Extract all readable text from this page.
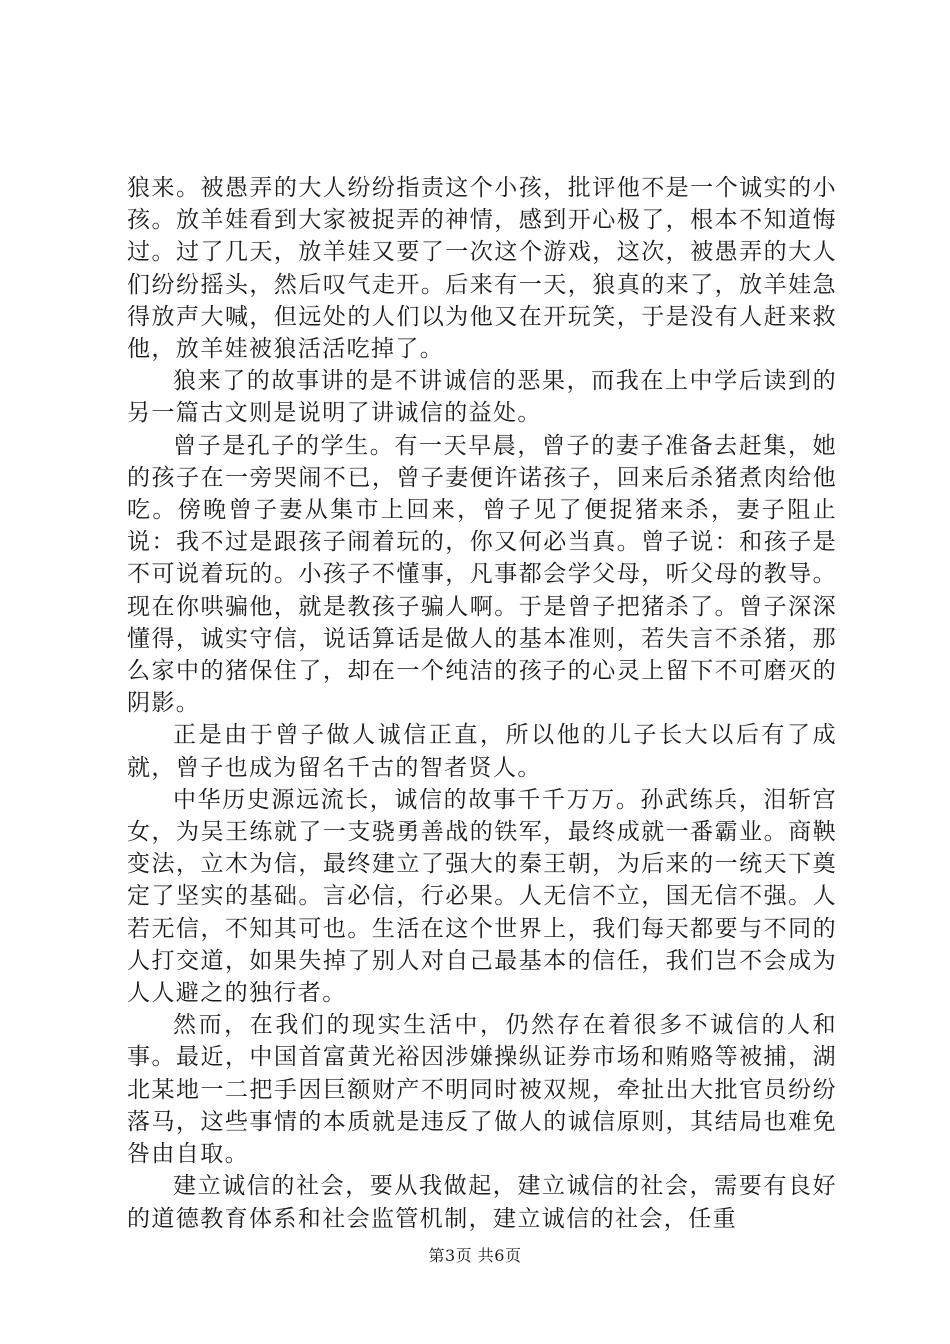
狼来。被愚弄的大人纷纷指责这个小孩，批评他不是一个诚实的小孩。放羊娃看到大家被捉弄的神情，感到开心极了，根本不知道悔过。过了几天，放羊娃又要了一次这个游戏，这次，被愚弄的大人们纷纷摇头，然后叹气走开。后来有一天，狼真的来了，放羊娃急得放声大喊，但远处的人们以为他又在开玩笑，于是没有人赶来救他，放羊娃被狼活活吃掉了。

狼来了的故事讲的是不讲诚信的恶果，而我在上中学后读到的另一篇古文则是说明了讲诚信的益处。

曾子是孔子的学生。有一天早晨，曾子的妻子准备去赶集，她的孩子在一旁哭闹不已，曾子妻便许诺孩子，回来后杀猪煮肉给他吃。傍晚曾子妻从集市上回来，曾子见了便捉猪来杀，妻子阻止说：我不过是跟孩子闹着玩的，你又何必当真。曾子说：和孩子是不可说着玩的。小孩子不懂事，凡事都会学父母，听父母的教导。现在你哄骗他，就是教孩子骗人啊。于是曾子把猪杀了。曾子深深懂得，诚实守信，说话算话是做人的基本准则，若失言不杀猪，那么家中的猪保住了，却在一个纯洁的孩子的心灵上留下不可磨灭的阴影。

正是由于曾子做人诚信正直，所以他的儿子长大以后有了成就，曾子也成为留名千古的智者贤人。

中华历史源远流长，诚信的故事千千万万。孙武练兵，泪斩宫女，为吴王练就了一支骁勇善战的铁军，最终成就一番霸业。商鞅变法，立木为信，最终建立了强大的秦王朝，为后来的一统天下奠定了坚实的基础。言必信，行必果。人无信不立，国无信不强。人若无信，不知其可也。生活在这个世界上，我们每天都要与不同的人打交道，如果失掉了别人对自己最基本的信任，我们岂不会成为人人避之的独行者。

然而，在我们的现实生活中，仍然存在着很多不诚信的人和事。最近，中国首富黄光裕因涉嫌操纵证券市场和贿赂等被捕，湖北某地一二把手因巨额财产不明同时被双规，牵扯出大批官员纷纷落马，这些事情的本质就是违反了做人的诚信原则，其结局也难免咎由自取。

建立诚信的社会，要从我做起，建立诚信的社会，需要有良好的道德教育体系和社会监管机制，建立诚信的社会，任重

第3页 共6页
